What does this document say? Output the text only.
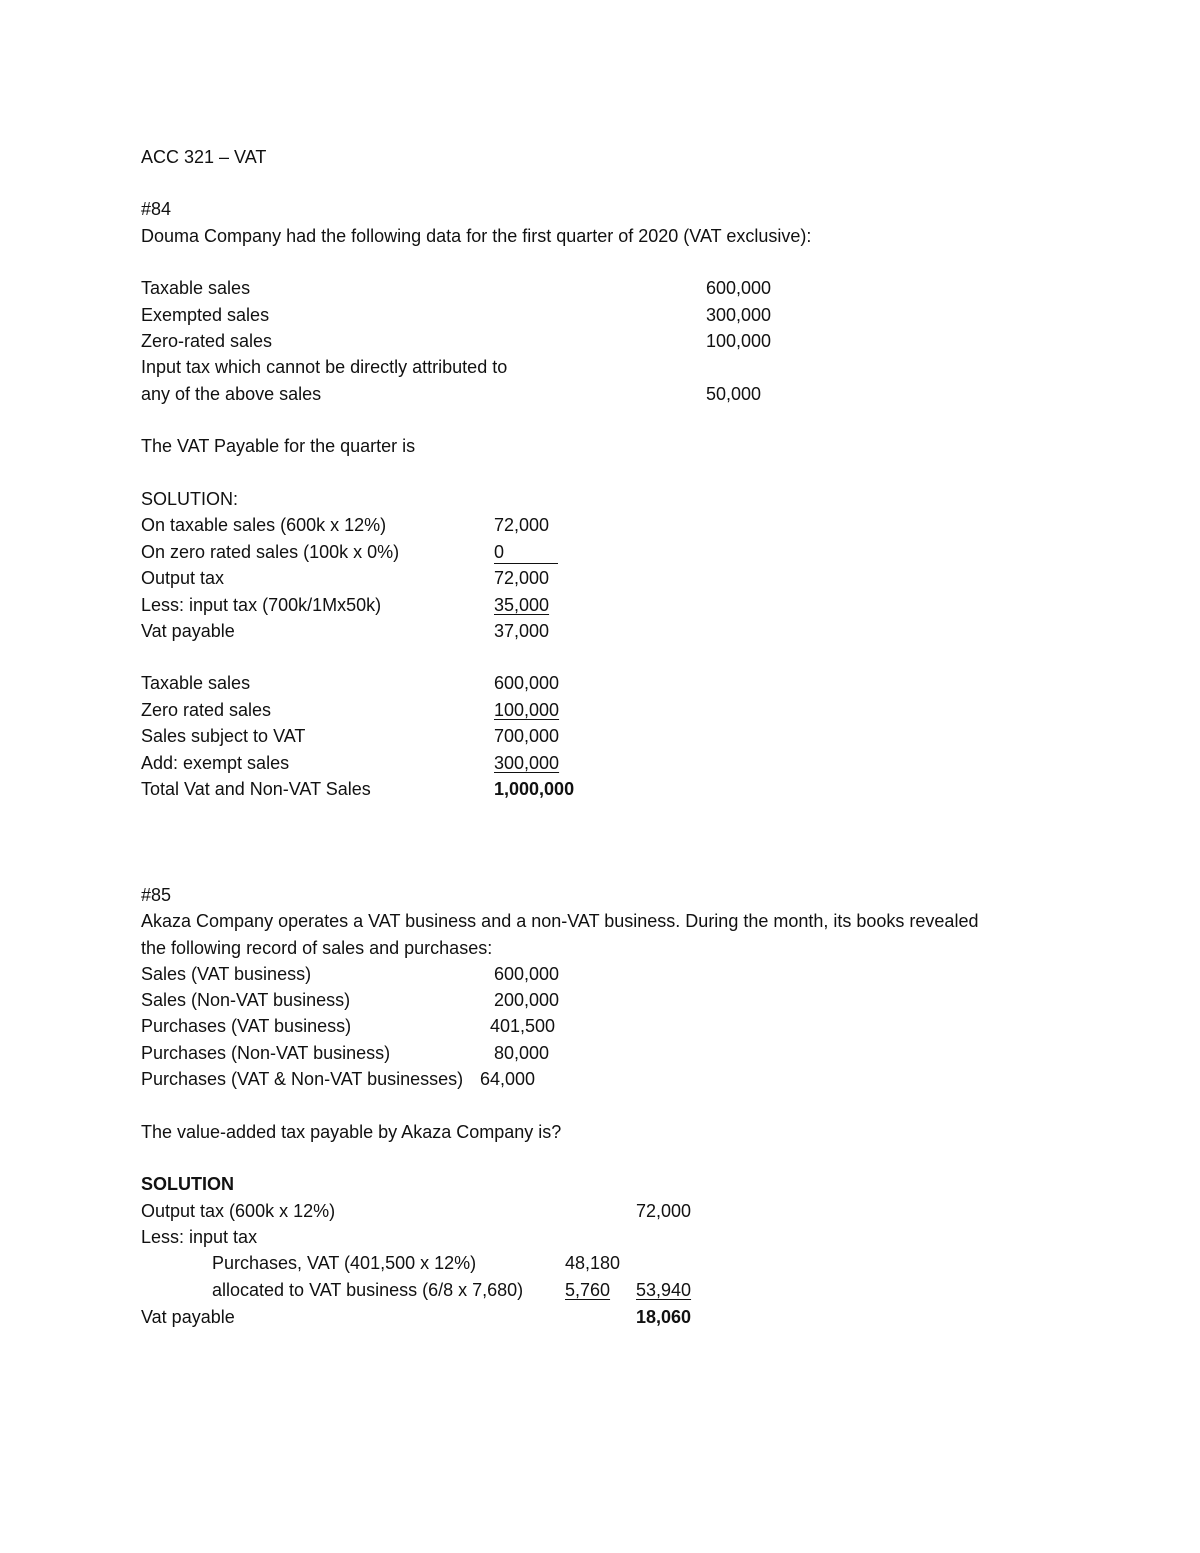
ACC 321 – VAT
#84
Douma Company had the following data for the first quarter of 2020 (VAT exclusive):
Taxable sales	600,000
Exempted sales	300,000
Zero-rated sales	100,000
Input tax which cannot be directly attributed to
any of the above sales	50,000
The VAT Payable for the quarter is
SOLUTION:
On taxable sales (600k x 12%)	72,000
On zero rated sales (100k x 0%)	0
Output tax	72,000
Less: input tax (700k/1Mx50k)	35,000
Vat payable	37,000
Taxable sales	600,000
Zero rated sales	100,000
Sales subject to VAT	700,000
Add: exempt sales	300,000
Total Vat and Non-VAT Sales	1,000,000
#85
Akaza Company operates a VAT business and a non-VAT business. During the month, its books revealed
the following record of sales and purchases:
Sales (VAT business)	600,000
Sales (Non-VAT business)	200,000
Purchases (VAT business)	401,500
Purchases (Non-VAT business)	80,000
Purchases (VAT & Non-VAT businesses) 64,000
The value-added tax payable by Akaza Company is?
SOLUTION
Output tax (600k x 12%)	72,000
Less: input tax
Purchases, VAT (401,500 x 12%)	48,180
allocated to VAT business (6/8 x 7,680) 5,760 53,940
Vat payable	18,060
